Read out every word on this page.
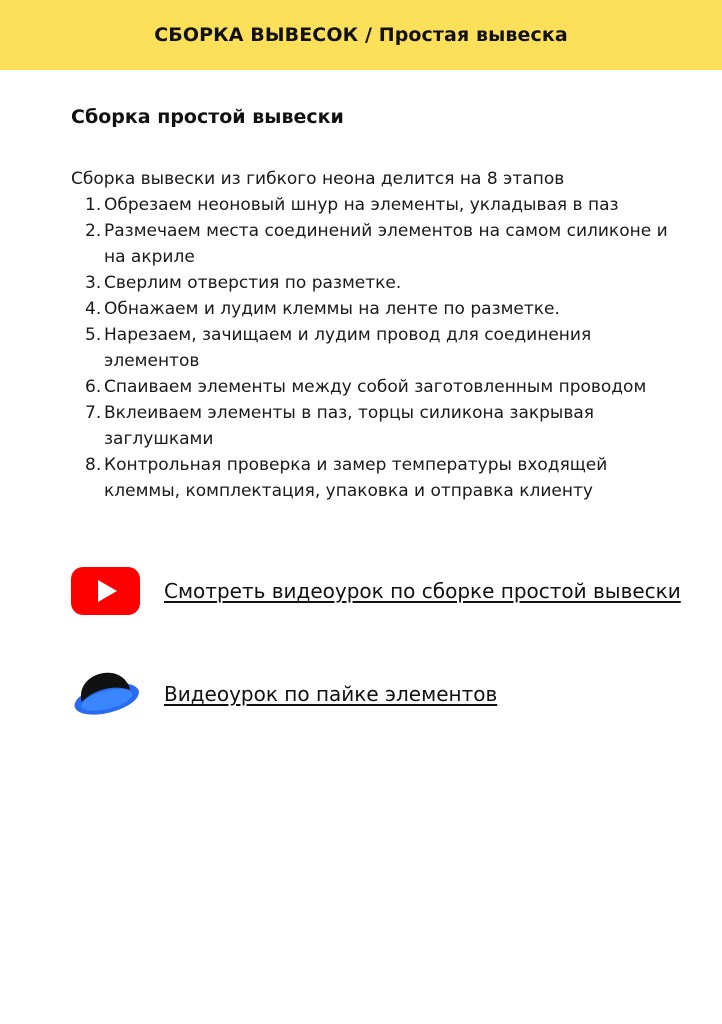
СБОРКА ВЫВЕСОК / Простая вывеска
Сборка простой вывески
Сборка вывески из гибкого неона делится на 8 этапов
1. Обрезаем неоновый шнур на элементы, укладывая в паз
2. Размечаем места соединений элементов на самом силиконе и на акриле
3. Сверлим отверстия по разметке.
4. Обнажаем и лудим клеммы на ленте по разметке.
5. Нарезаем, зачищаем и лудим провод для соединения элементов
6. Спаиваем элементы между собой заготовленным проводом
7. Вклеиваем элементы в паз, торцы силикона закрывая заглушками
8. Контрольная проверка и замер температуры входящей клеммы, комплектация, упаковка и отправка клиенту
Смотреть видеоурок по сборке простой вывески
Видеоурок по пайке элементов
